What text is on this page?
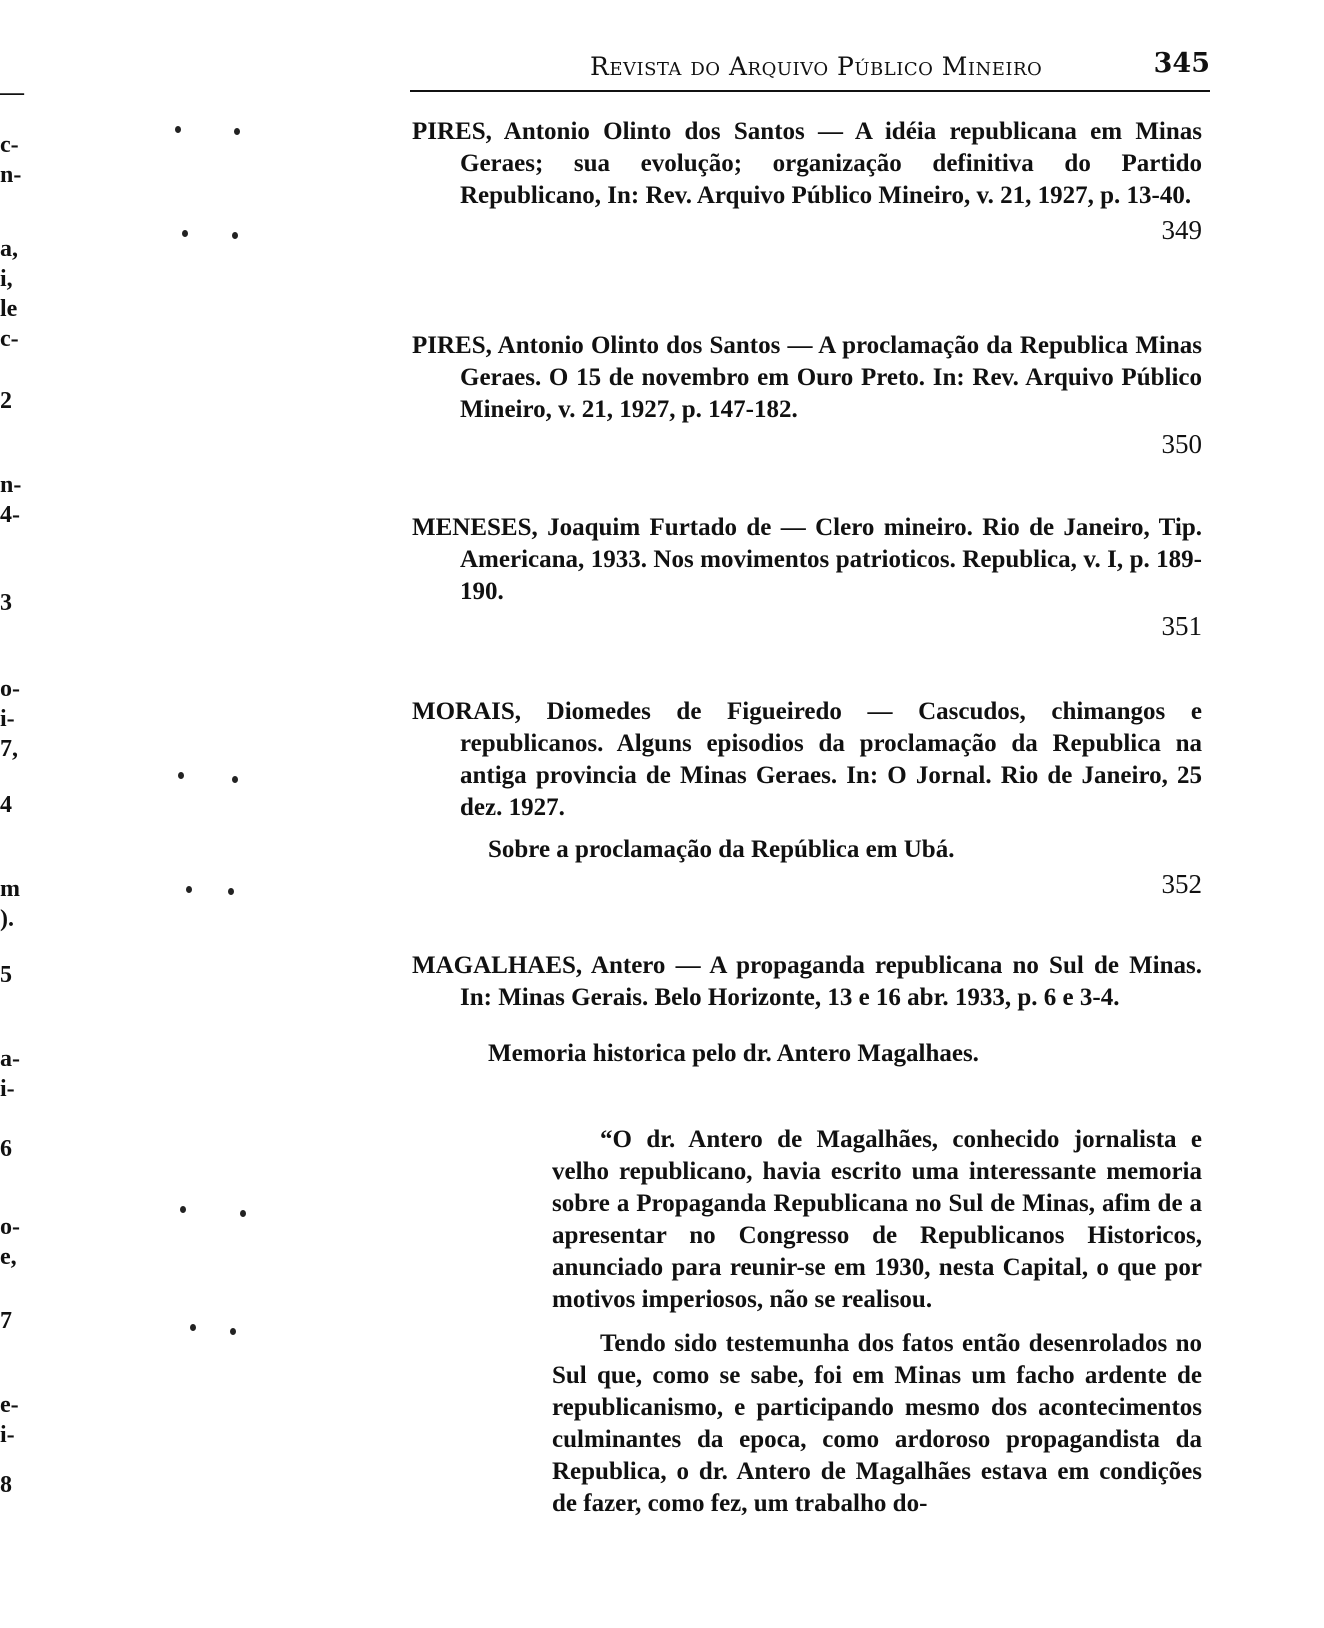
Revista do Arquivo Público Mineiro	345

PIRES, Antonio Olinto dos Santos — A idéia republicana em Minas Geraes; sua evolução; organização definitiva do Partido Republicano, In: Rev. Arquivo Público Mineiro, v. 21, 1927, p. 13-40.

349

PIRES, Antonio Olinto dos Santos — A proclamação da Republica Minas Geraes. O 15 de novembro em Ouro Preto. In: Rev. Arquivo Público Mineiro, v. 21, 1927, p. 147-182.

350

MENESES, Joaquim Furtado de — Clero mineiro. Rio de Janeiro, Tip. Americana, 1933. Nos movimentos patrioticos. Republica, v. I, p. 189-190.

351

MORAIS, Diomedes de Figueiredo — Cascudos, chimangos e republicanos. Alguns episodios da proclamação da Republica na antiga provincia de Minas Geraes. In: O Jornal. Rio de Janeiro, 25 dez. 1927.

Sobre a proclamação da República em Ubá.
352

MAGALHAES, Antero — A propaganda republicana no Sul de Minas. In: Minas Gerais. Belo Horizonte, 13 e 16 abr. 1933, p. 6 e 3-4.

Memoria historica pelo dr. Antero Magalhaes.

“O dr. Antero de Magalhães, conhecido jornalista e velho republicano, havia escrito uma interessante memoria sobre a Propaganda Republicana no Sul de Minas, afim de a apresentar no Congresso de Republicanos Historicos, anunciado para reunir-se em 1930, nesta Capital, o que por motivos imperiosos, não se realisou.

Tendo sido testemunha dos fatos então desenrolados no Sul que, como se sabe, foi em Minas um facho ardente de republicanismo, e participando mesmo dos acontecimentos culminantes da epoca, como ardoroso propagandista da Republica, o dr. Antero de Magalhães estava em condições de fazer, como fez, um trabalho do-

—
c-
n-
a,
i,
le
c-
2
n-
4-
3
o-
i-
7,
4
m
).
5
a-
i-
6
o-
e,
7
e-
i-
8
